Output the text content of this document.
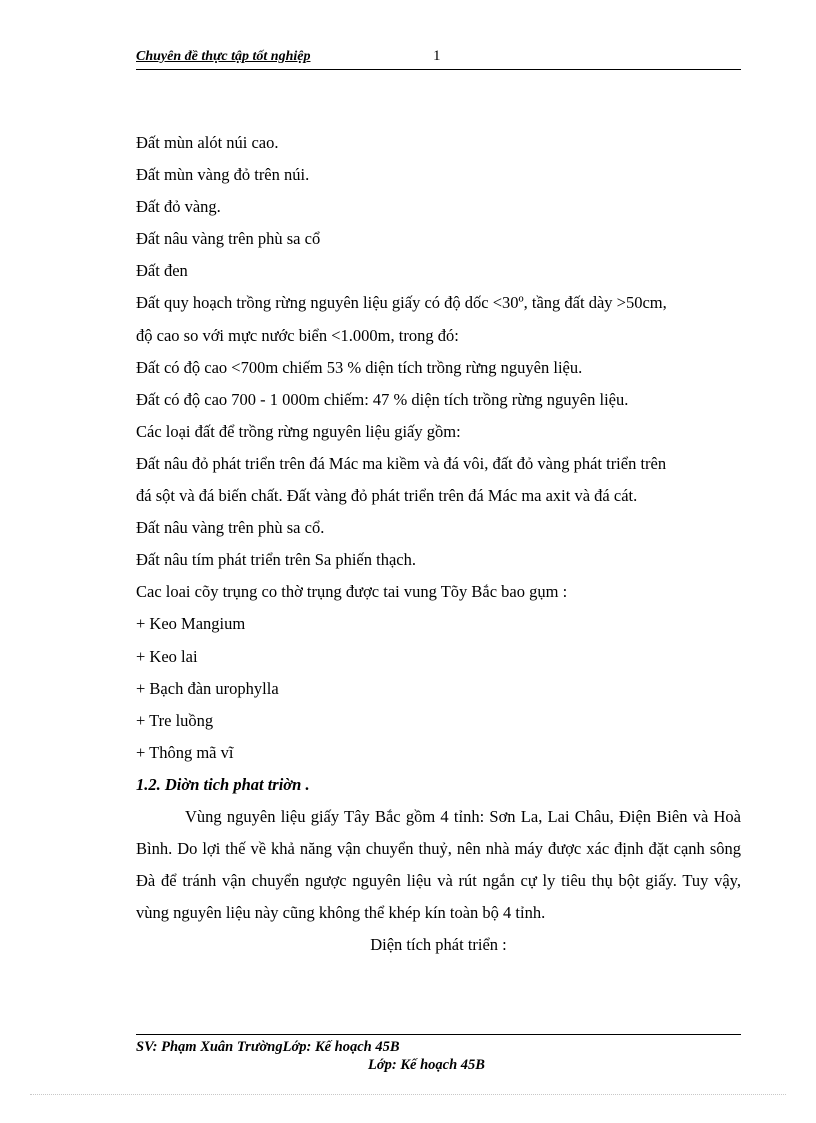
Chuyên đề thực tập tốt nghiệp	1
Đất mùn alót núi cao.
Đất mùn vàng đỏ trên núi.
Đất đỏ vàng.
Đất nâu vàng trên phù sa cổ
Đất đen
Đất quy hoạch trồng rừng nguyên liệu giấy có độ dốc <30º, tầng đất dày >50cm,
độ cao so với mực nước biển <1.000m, trong đó:
Đất có độ cao <700m chiếm 53 % diện tích trồng rừng nguyên liệu.
Đất có độ cao 700 - 1 000m chiếm: 47 % diện tích trồng rừng nguyên liệu.
Các loại đất để trồng rừng nguyên liệu giấy gồm:
Đất nâu đỏ phát triển trên đá Mác ma kiềm và đá vôi, đất đỏ vàng phát triển trên
đá sột và đá biến chất. Đất vàng đỏ phát triển trên đá Mác ma axit và đá cát.
Đất nâu vàng trên phù sa cổ.
Đất nâu tím phát triển trên Sa phiến thạch.
Cac loai cõy trụng co thờ trụng được tai vung Tõy Bắc bao gụm :
+ Keo Mangium
+ Keo lai
+ Bạch đàn urophylla
+ Tre luồng
+ Thông mã vĩ
1.2. Diờn tich phat triờn .

Vùng nguyên liệu giấy Tây Bắc gồm 4 tỉnh: Sơn La, Lai Châu, Điện Biên và Hoà Bình. Do lợi thế về khả năng vận chuyển thuỷ, nên nhà máy được xác định đặt cạnh sông Đà để tránh vận chuyển ngược nguyên liệu và rút ngắn cự ly tiêu thụ bột giấy. Tuy vậy, vùng nguyên liệu này cũng không thể khép kín toàn bộ 4 tỉnh.

Diện tích phát triển :
SV: Phạm Xuân TrườngLớp: Kế hoạch 45B
Lớp: Kế hoạch 45B
